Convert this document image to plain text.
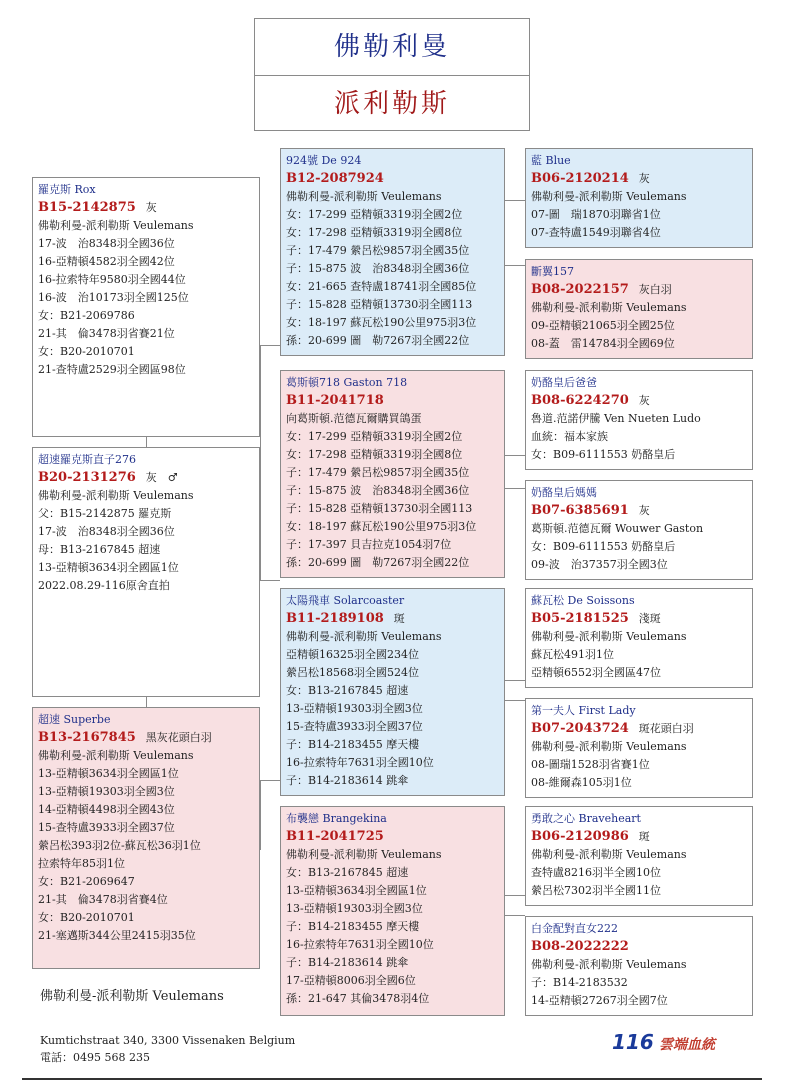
佛勒利曼
派利勒斯
羅克斯 Rox
B15-2142875 灰
佛勒利曼-派利勒斯 Veulemans
17-波　治8348羽全國36位
16-亞精頓4582羽全國42位
16-拉索特年9580羽全國44位
16-波　治10173羽全國125位
女：B21-2069786
21-其　倫3478羽省賽21位
女：B20-2010701
21-查特盧2529羽全國區98位
超速羅克斯直子276
B20-2131276 灰　♂
佛勒利曼-派利勒斯 Veulemans
父：B15-2142875 羅克斯
17-波　治8348羽全國36位
母：B13-2167845 超速
13-亞精頓3634羽全國區1位
2022.08.29-116原舍直拍
超速 Superbe
B13-2167845 黑灰花頭白羽
佛勒利曼-派利勒斯 Veulemans
13-亞精頓3634羽全國區1位
13-亞精頓19303羽全國3位
14-亞精頓4498羽全國43位
15-查特盧3933羽全國37位
縈呂松393羽2位-蘇瓦松36羽1位
拉索特年85羽1位
女：B21-2069647
21-其　倫3478羽省賽4位
女：B20-2010701
21-塞邁斯344公里2415羽35位
924號 De 924
B12-2087924
佛勒利曼-派利勒斯 Veulemans
女：17-299 亞精頓3319羽全國2位
女：17-298 亞精頓3319羽全國8位
子：17-479 縈呂松9857羽全國35位
子：15-875 波　治8348羽全國36位
女：21-665 查特盧18741羽全國85位
子：15-828 亞精頓13730羽全國113
女：18-197 蘇瓦松190公里975羽3位
孫：20-699 圖　勒7267羽全國22位
葛斯頓718 Gaston 718
B11-2041718
向葛斯頓.范德瓦爾購買鴿蛋
女：17-299 亞精頓3319羽全國2位
女：17-298 亞精頓3319羽全國8位
子：17-479 縈呂松9857羽全國35位
子：15-875 波　治8348羽全國36位
子：15-828 亞精頓13730羽全國113
女：18-197 蘇瓦松190公里975羽3位
子：17-397 貝吉拉克1054羽7位
孫：20-699 圖　勒7267羽全國22位
太陽飛車 Solarcoaster
B11-2189108 斑
佛勒利曼-派利勒斯 Veulemans
亞精頓16325羽全國234位
縈呂松18568羽全國524位
女：B13-2167845 超速
13-亞精頓19303羽全國3位
15-查特盧3933羽全國37位
子：B14-2183455 摩天樓
16-拉索特年7631羽全國10位
子：B14-2183614 跳傘
布襲戀 Brangekina
B11-2041725
佛勒利曼-派利勒斯 Veulemans
女：B13-2167845 超速
13-亞精頓3634羽全國區1位
13-亞精頓19303羽全國3位
子：B14-2183455 摩天樓
16-拉索特年7631羽全國10位
子：B14-2183614 跳傘
17-亞精頓8006羽全國6位
孫：21-647 其倫3478羽4位
藍 Blue
B06-2120214 灰
佛勒利曼-派利勒斯 Veulemans
07-圖　瑞1870羽聯省1位
07-查特盧1549羽聯省4位
斷翼157
B08-2022157 灰白羽
佛勒利曼-派利勒斯 Veulemans
09-亞精頓21065羽全國25位
08-蓋　雷14784羽全國69位
奶酪皇后爸爸
B08-6224270 灰
魯道.范諾伊騰 Ven Nueten Ludo
血統：福本家族
女：B09-6111553 奶酪皇后
奶酪皇后媽媽
B07-6385691 灰
葛斯頓.范德瓦爾 Wouwer Gaston
女：B09-6111553 奶酪皇后
09-波　治37357羽全國3位
蘇瓦松 De Soissons
B05-2181525 淺斑
佛勒利曼-派利勒斯 Veulemans
蘇瓦松491羽1位
亞精頓6552羽全國區47位
第一夫人 First Lady
B07-2043724 斑花頭白羽
佛勒利曼-派利勒斯 Veulemans
08-圖瑞1528羽省賽1位
08-維爾森105羽1位
勇敢之心 Braveheart
B06-2120986 斑
佛勒利曼-派利勒斯 Veulemans
查特盧8216羽半全國10位
縈呂松7302羽半全國11位
白金配對直女222
B08-2022222
佛勒利曼-派利勒斯 Veulemans
子：B14-2183532
14-亞精頓27267羽全國7位
佛勒利曼-派利勒斯 Veulemans
Kumtichstraat 340, 3300 Vissenaken Belgium
電話：0495 568 235
116 雲端血統
